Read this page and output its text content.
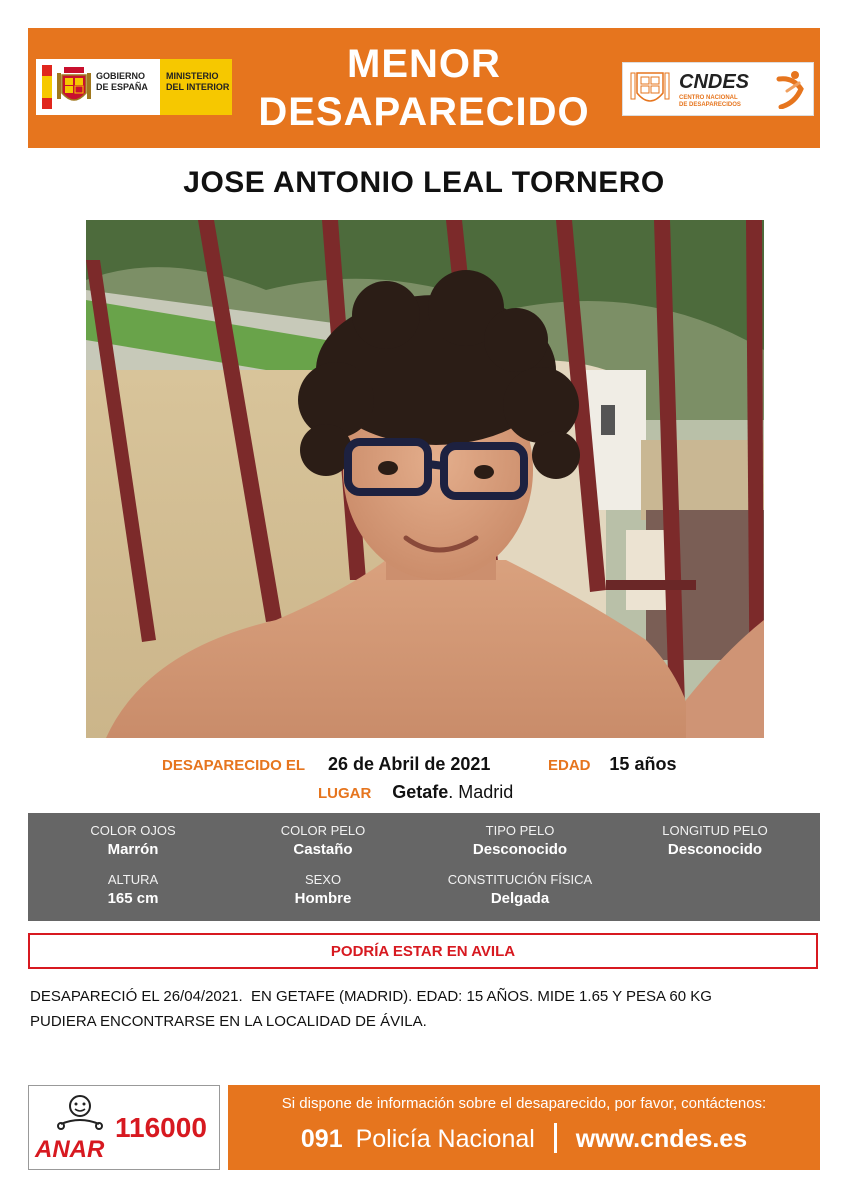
GOBIERNO
DE ESPAÑA
MINISTERIO
DEL INTERIOR
MENOR
DESAPARECIDO
CNDES
CENTRO NACIONAL
DE DESAPARECIDOS
JOSE ANTONIO LEAL TORNERO
DESAPARECIDO EL 26 de Abril de 2021	EDAD 15 años
LUGAR Getafe. Madrid
COLOR OJOS
Marrón
COLOR PELO
Castaño
TIPO PELO
Desconocido
LONGITUD PELO
Desconocido
ALTURA
165 cm
SEXO
Hombre
CONSTITUCIÓN FÍSICA
Delgada
PODRÍA ESTAR EN AVILA
DESAPARECIÓ EL 26/04/2021.  EN GETAFE (MADRID). EDAD: 15 AÑOS. MIDE 1.65 Y PESA 60 KG
PUDIERA ENCONTRARSE EN LA LOCALIDAD DE ÁVILA.
ANAR
116000
Si dispone de información sobre el desaparecido, por favor, contáctenos:
091 Policía Nacional www.cndes.es
